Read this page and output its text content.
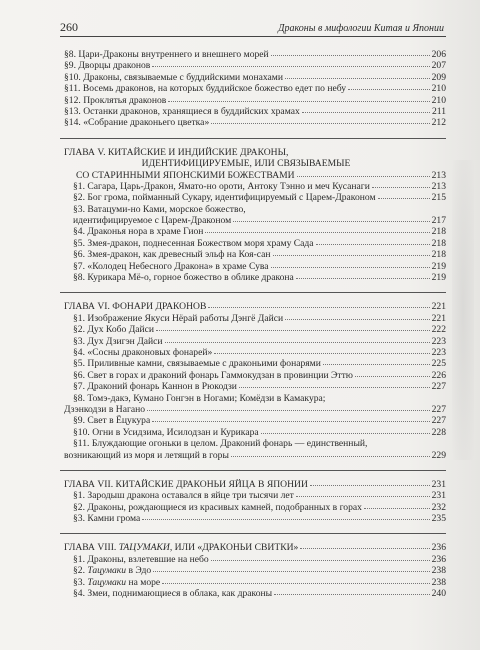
260	Драконы в мифологии Китая и Японии
§8. Цари-Драконы внутреннего и внешнего морей	206
§9. Дворцы драконов	207
§10. Драконы, связываемые с буддийскими монахами	209
§11. Восемь драконов, на которых буддийское божество едет по небу	210
§12. Проклятья драконов	210
§13. Останки драконов, хранящиеся в буддийских храмах	211
§14. «Собрание драконьего цветка»	212
ГЛАВА V. КИТАЙСКИЕ И ИНДИЙСКИЕ ДРАКОНЫ,
ИДЕНТИФИЦИРУЕМЫЕ, ИЛИ СВЯЗЫВАЕМЫЕ
СО СТАРИННЫМИ ЯПОНСКИМИ БОЖЕСТВАМИ	213
§1. Сагара, Царь-Дракон, Ямато-но ороти, Антоку Тэнно и меч Кусанаги	213
§2. Бог грома, пойманный Сукару, идентифицируемый с Царем-Драконом	215
§3. Ватацуми-но Ками, морское божество,
идентифицируемое с Царем-Драконом	217
§4. Драконья нора в храме Гион	218
§5. Змея-дракон, поднесенная Божеством моря храму Сада	218
§6. Змея-дракон, как древесный эльф на Коя-сан	218
§7. «Колодец Небесного Дракона» в храме Сува	219
§8. Курикара Мё-о, горное божество в облике дракона	219
ГЛАВА VI. ФОНАРИ ДРАКОНОВ	221
§1. Изображение Якуси Нёрай работы Дэнгё Дайси	221
§2. Дух Кобо Дайси	222
§3. Дух Дзигэн Дайси	223
§4. «Сосны драконовых фонарей»	223
§5. Приливные камни, связываемые с драконьими фонарями	225
§6. Свет в горах и драконий фонарь Гаммокудзан в провинции Эттю	226
§7. Драконий фонарь Каннон в Рюкодзи	227
§8. Томэ-дакэ, Кумано Гонгэн в Ногами; Комёдзи в Камакура;
Дзэнкодзи в Нагано	227
§9. Свет в Ёцукура	227
§10. Огни в Усидзима, Исилодзан и Курикара	228
§11. Блуждающие огоньки в целом. Драконий фонарь — единственный,
возникающий из моря и летящий в горы	229
ГЛАВА VII. КИТАЙСКИЕ ДРАКОНЬИ ЯЙЦА В ЯПОНИИ	231
§1. Зародыш дракона оставался в яйце три тысячи лет	231
§2. Драконы, рождающиеся из красивых камней, подобранных в горах	232
§3. Камни грома	235
ГЛАВА VIII. ТАЦУМАКИ, ИЛИ «ДРАКОНЬИ СВИТКИ»	236
§1. Драконы, взлетевшие на небо	236
§2. Тацумаки в Эдо	238
§3. Тацумаки на море	238
§4. Змеи, поднимающиеся в облака, как драконы	240
